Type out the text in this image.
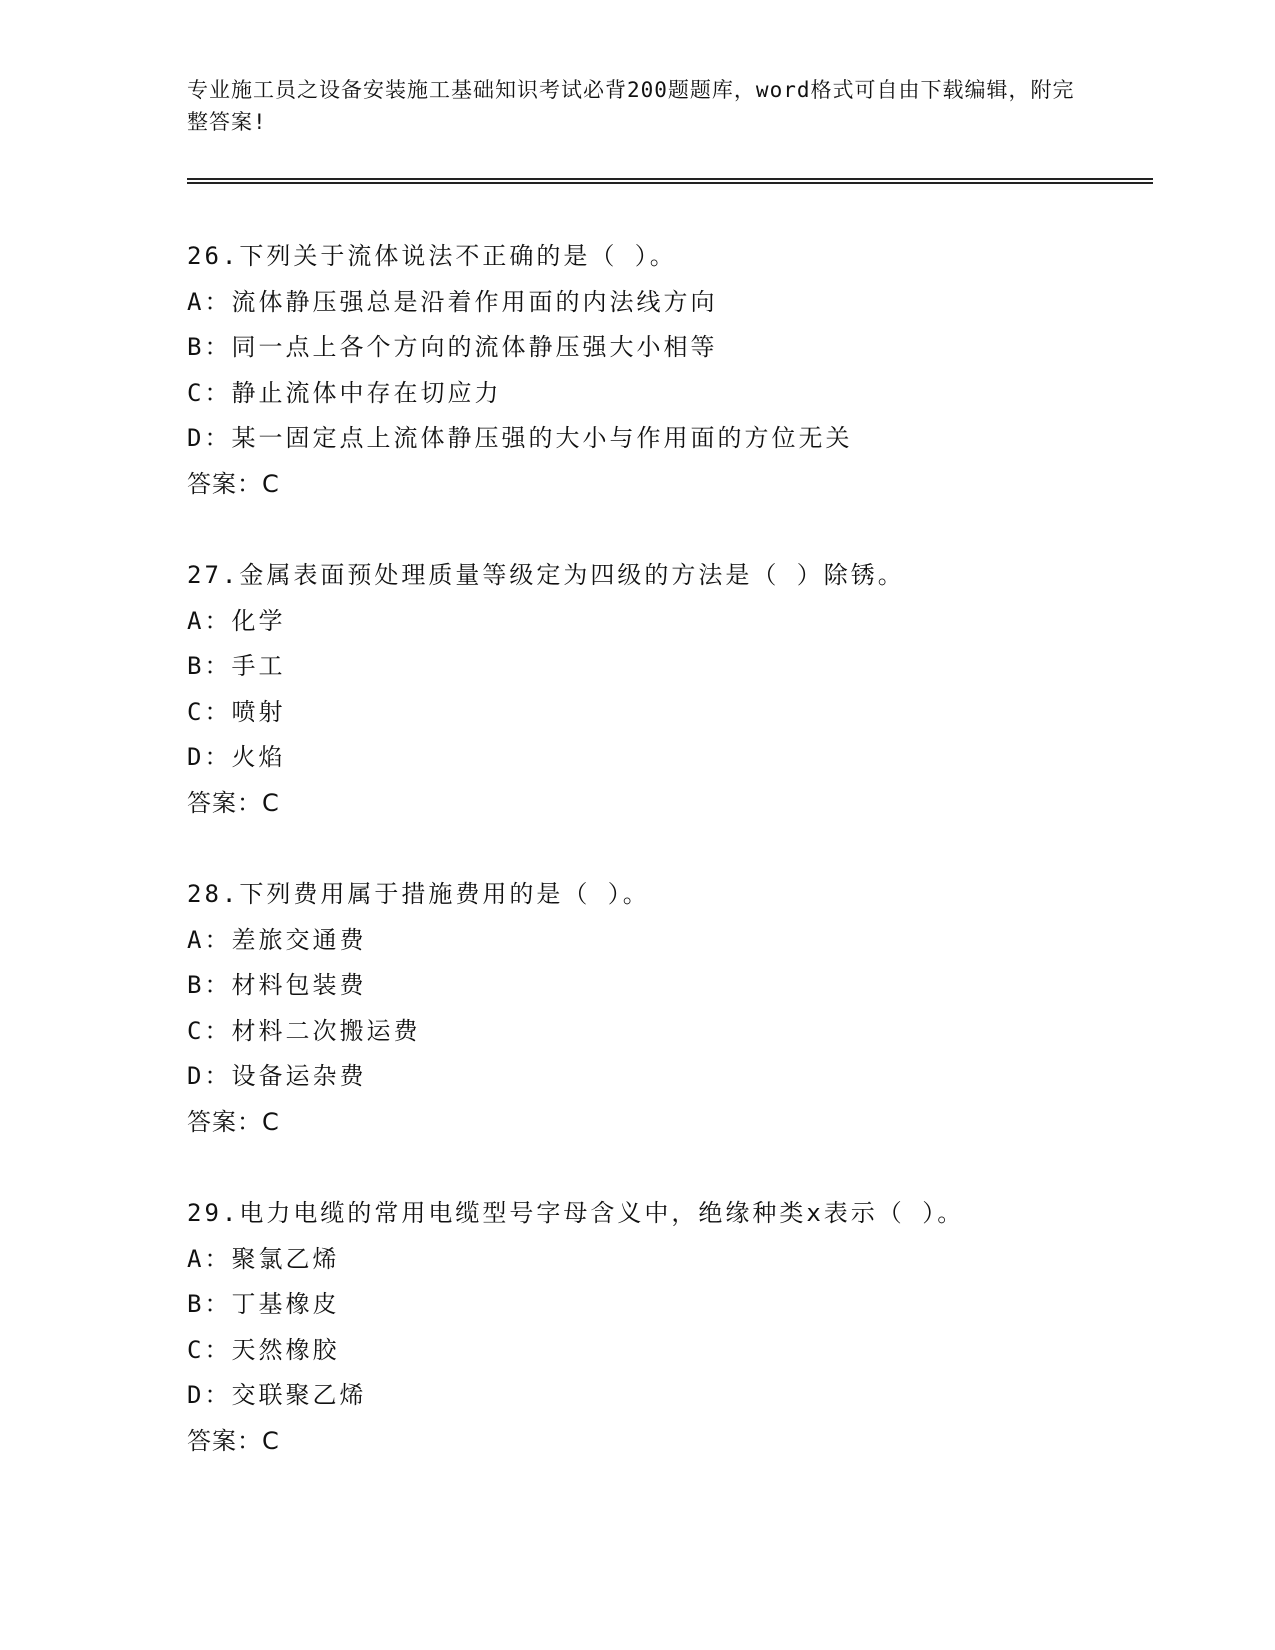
专业施工员之设备安装施工基础知识考试必背200题题库，word格式可自由下载编辑，附完整答案!
26.下列关于流体说法不正确的是（ ）。
A：流体静压强总是沿着作用面的内法线方向
B：同一点上各个方向的流体静压强大小相等
C：静止流体中存在切应力
D：某一固定点上流体静压强的大小与作用面的方位无关
答案：C
27.金属表面预处理质量等级定为四级的方法是（ ）除锈。
A：化学
B：手工
C：喷射
D：火焰
答案：C
28.下列费用属于措施费用的是（ ）。
A：差旅交通费
B：材料包装费
C：材料二次搬运费
D：设备运杂费
答案：C
29.电力电缆的常用电缆型号字母含义中，绝缘种类x表示（ ）。
A：聚氯乙烯
B：丁基橡皮
C：天然橡胶
D：交联聚乙烯
答案：C
